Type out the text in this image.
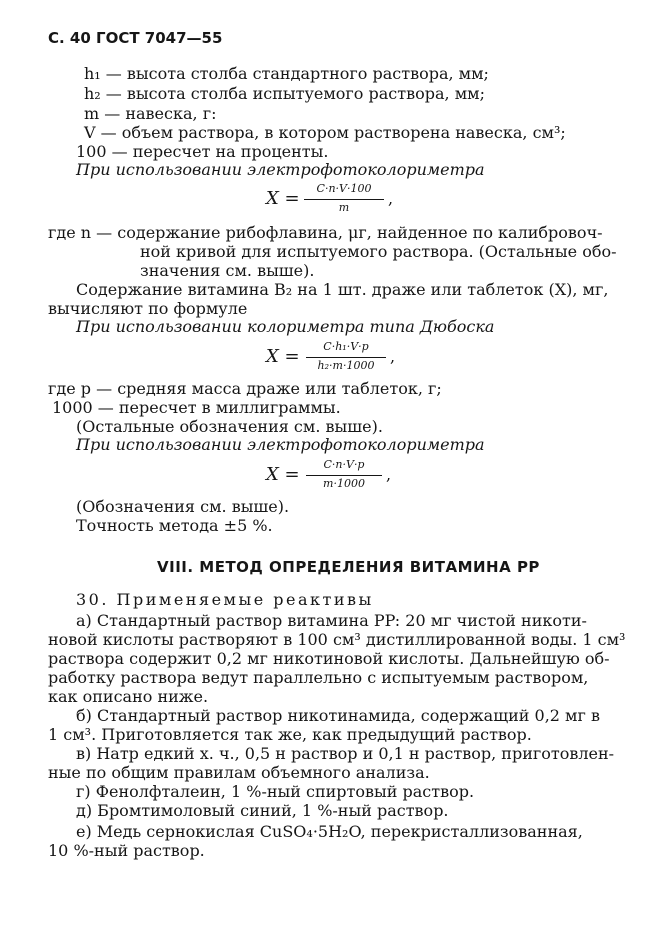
С. 40 ГОСТ 7047—55
h₁ — высота столба стандартного раствора, мм;
h₂ — высота столба испытуемого раствора, мм;
m — навеска, г:
V — объем раствора, в котором растворена навеска, см³;
100 — пересчет на проценты.
При использовании электрофотоколориметра
X =	C·n·V·100
m	,
где n — содержание рибофлавина, μг, найденное по калибровоч-
ной кривой для испытуемого раствора. (Остальные обо-
значения см. выше).
Содержание витамина B₂ на 1 шт. драже или таблеток (X), мг,
вычисляют по формуле
При использовании колориметра типа Дюбоска
X =	C·h₁·V·p
h₂·m·1000 ,
где p — средняя масса драже или таблеток, г;
1000 — пересчет в миллиграммы.
(Остальные обозначения см. выше).
При использовании электрофотоколориметра
X =	C·n·V·p
m·1000	,
(Обозначения см. выше).
Точность метода ±5 %.
VIII. МЕТОД ОПРЕДЕЛЕНИЯ ВИТАМИНА PP
30. Применяемые реактивы
а) Стандартный раствор витамина PP: 20 мг чистой никоти-
новой кислоты растворяют в 100 см³ дистиллированной воды. 1 см³
раствора содержит 0,2 мг никотиновой кислоты. Дальнейшую об-
работку раствора ведут параллельно с испытуемым раствором,
как описано ниже.
б) Стандартный раствор никотинамида, содержащий 0,2 мг в
1 см³. Приготовляется так же, как предыдущий раствор.
в) Натр едкий х. ч., 0,5 н раствор и 0,1 н раствор, приготовлен-
ные по общим правилам объемного анализа.
г) Фенолфталеин, 1 %-ный спиртовый раствор.
д) Бромтимоловый синий, 1 %-ный раствор.
е) Медь сернокислая CuSO₄·5H₂O, перекристаллизованная,
10 %-ный раствор.
